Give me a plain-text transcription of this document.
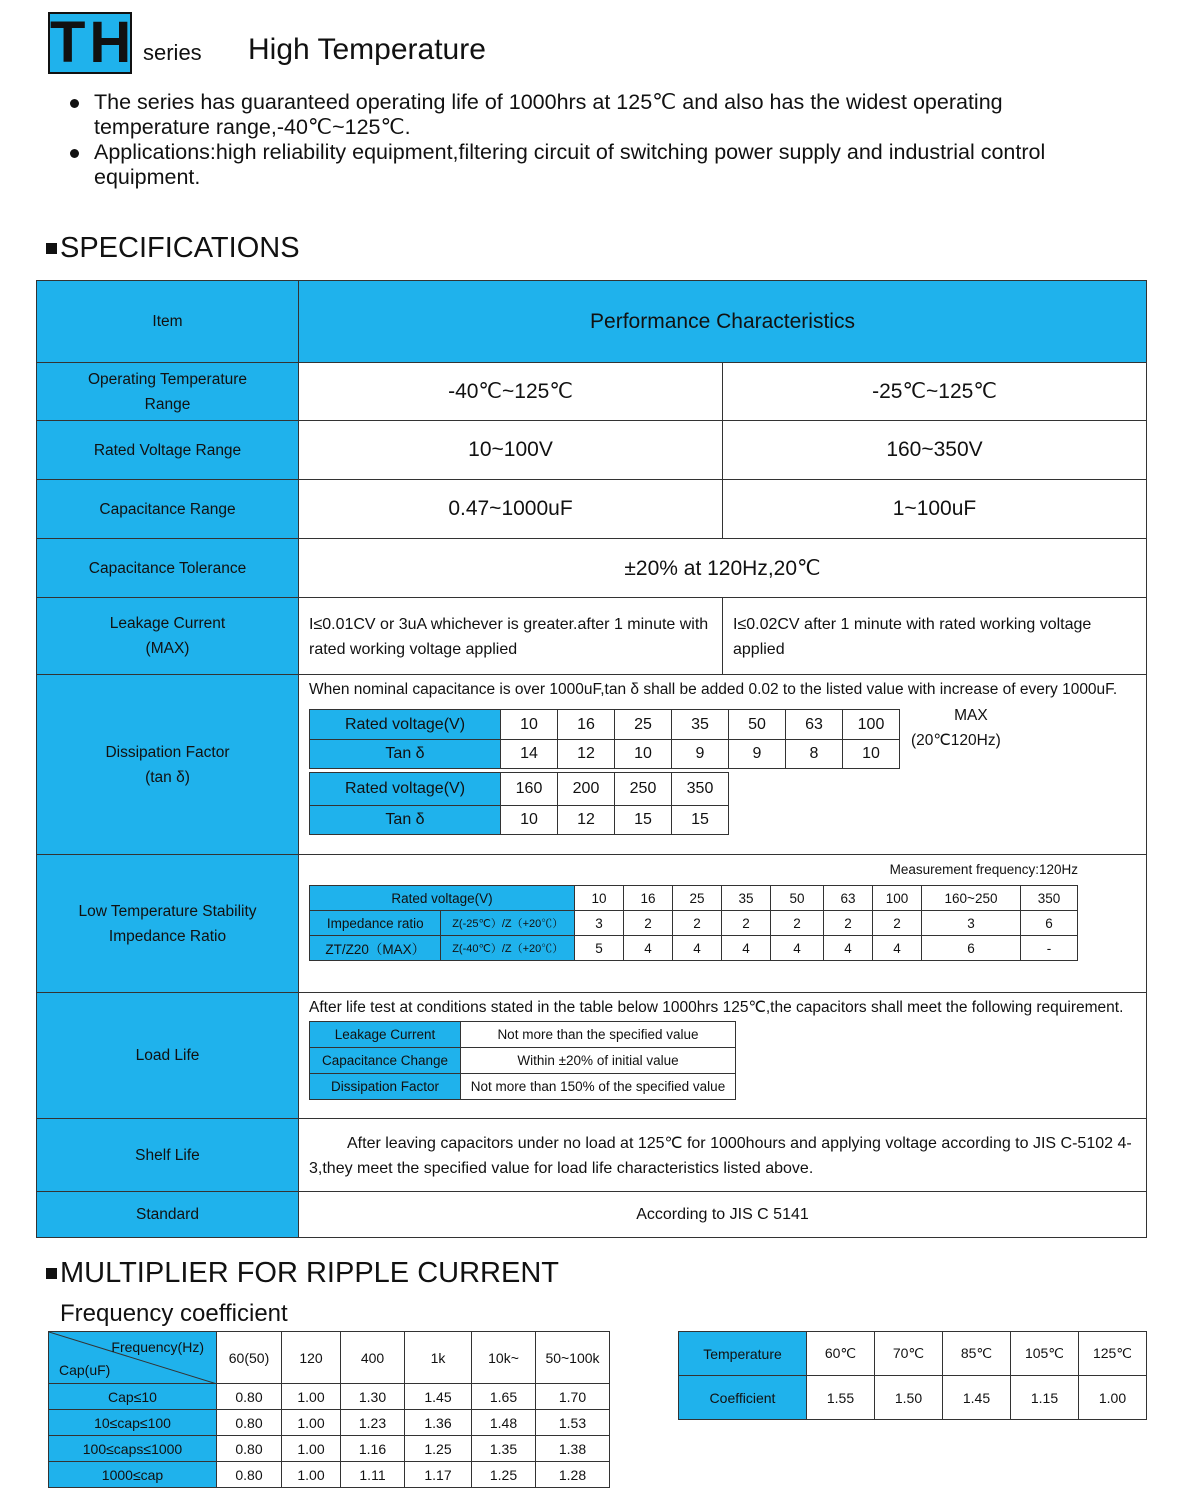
TH series High Temperature
The series has guaranteed operating life of 1000hrs at 125℃ and also has the widest operating temperature range,-40℃~125℃.
Applications:high reliability equipment,filtering circuit of switching power supply and industrial control equipment.
SPECIFICATIONS
Item	Performance Characteristics

Operating Temperature Range
	-40℃~125℃	-25℃~125℃
Rated Voltage Range	10~100V	160~350V
Capacitance Range	0.47~1000uF	1~100uF
Capacitance Tolerance	±20% at 120Hz,20℃

Leakage Current (MAX)
	I≤0.01CV or 3uA whichever is greater.after 1 minute with rated working voltage applied	I≤0.02CV after 1 minute with rated working voltage applied

Dissipation Factor (tan δ)

When nominal capacitance is over 1000uF,tan δ shall be added 0.02 to the listed value with increase of every 1000uF.
Rated voltage(V)	10	16	25	35	50	63	100
Tan δ	14	12	10	9	9	8	10
Rated voltage(V)	160	200	250	350
Tan δ	10	12	15	15
MAX
(20℃120Hz)

Low Temperature Stability Impedance Ratio

Measurement frequency:120Hz
Rated voltage(V)	10	16	25	35	50	63	100	160~250	350
Impedance ratio	Z(-25℃）/Z（+20℃）	3	2	2	2	2	2	2	3	6
ZT/Z20（MAX）	Z(-40℃）/Z（+20℃）	5	4	4	4	4	4	4	6	-

Load Life	
After life test at conditions stated in the table below 1000hrs 125℃,the capacitors shall meet the following requirement.
Leakage Current	Not more than the specified value
Capacitance Change	Within ±20% of initial value
Dissipation Factor	Not more than 150% of the specified value

Shelf Life	After leaving capacitors under no load at 125℃ for 1000hours and applying voltage according to JIS C-5102 4-3,they meet the specified value for load life characteristics listed above.
Standard	According to JIS C 5141
MULTIPLIER FOR RIPPLE CURRENT
Frequency coefficient
Frequency(Hz)
Cap(uF)	60(50)	120	400	1k	10k~	50~100k
Cap≤10	0.80	1.00	1.30	1.45	1.65	1.70
10≤cap≤100	0.80	1.00	1.23	1.36	1.48	1.53
100≤caps≤1000	0.80	1.00	1.16	1.25	1.35	1.38
1000≤cap	0.80	1.00	1.11	1.17	1.25	1.28
Temperature	60℃	70℃	85℃	105℃	125℃
Coefficient	1.55	1.50	1.45	1.15	1.00
